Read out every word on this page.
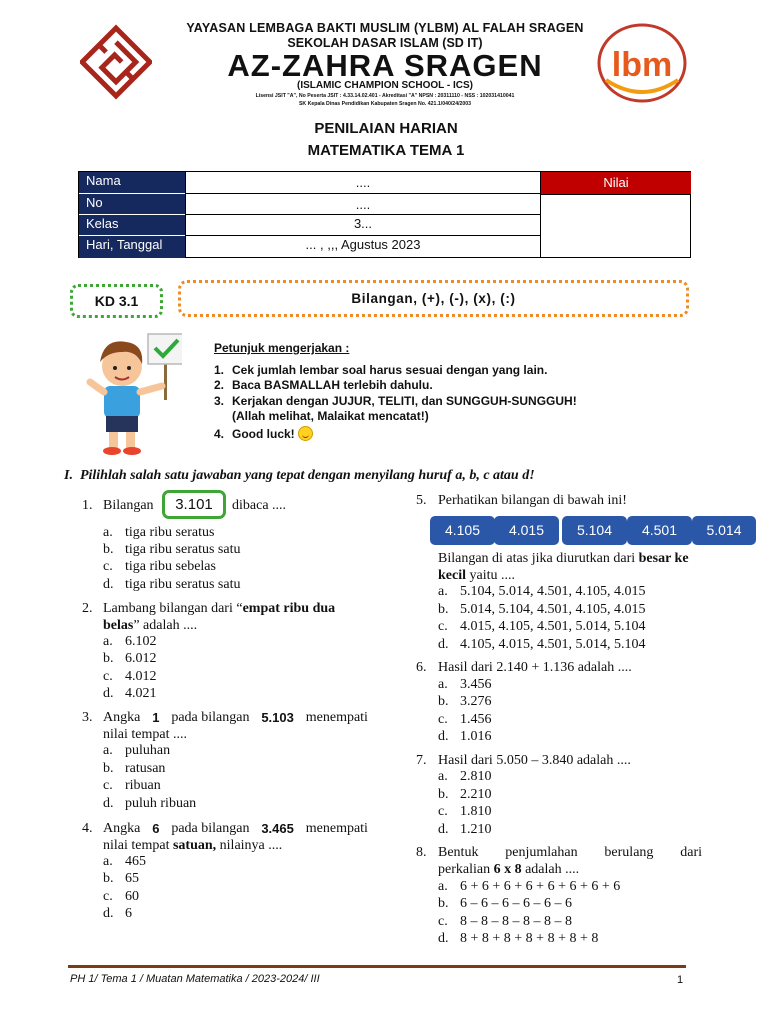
YAYASAN LEMBAGA BAKTI MUSLIM (YLBM) AL FALAH SRAGEN
SEKOLAH DASAR ISLAM (SD IT)
AZ-ZAHRA SRAGEN
(ISLAMIC CHAMPION SCHOOL - ICS)
Lisensi JSIT "A", No Peserta JSIT : 4.33.14.02.401 - Akreditasi "A" NPSN : 20311110 - NSS : 102031410041
SK Kepala Dinas Pendidikan Kabupaten Sragen No. 421.1/040/24/2003
lbm
PENILAIAN HARIAN
MATEMATIKA TEMA 1
Nama	....
No	....
Kelas	3...
Hari, Tanggal	... , ,,, Agustus 2023
Nilai
KD 3.1	Bilangan, (+), (-), (x), (:)
Petunjuk mengerjakan :
1. Cek jumlah lembar soal harus sesuai dengan yang lain.
2. Baca BASMALLAH terlebih dahulu.
3. Kerjakan dengan JUJUR, TELITI, dan SUNGGUH-SUNGGUH!
(Allah melihat, Malaikat mencatat!)
4. Good luck!
I. Pilihlah salah satu jawaban yang tepat dengan menyilang huruf a, b, c atau d!
1. Bilangan	dibaca ....
3.101
a. tiga ribu seratus
b. tiga ribu seratus satu
c. tiga ribu sebelas
d. tiga ribu seratus satu
2. Lambang bilangan dari “empat ribu dua
belas” adalah ....
a. 6.102
b. 6.012
c. 4.012
d. 4.021
3. Angka 1 pada bilangan 5.103 menempati
nilai tempat ....
a. puluhan
b. ratusan
c. ribuan
d. puluh ribuan
4. Angka 6 pada bilangan 3.465 menempati
nilai tempat satuan, nilainya ....
a. 465
b. 65
c. 60
d. 6
5. Perhatikan bilangan di bawah ini!
4.105	4.015	5.104	4.501	5.014
Bilangan di atas jika diurutkan dari besar ke
kecil yaitu ....
a. 5.104, 5.014, 4.501, 4.105, 4.015
b. 5.014, 5.104, 4.501, 4.105, 4.015
c. 4.015, 4.105, 4.501, 5.014, 5.104
d. 4.105, 4.015, 4.501, 5.014, 5.104
6. Hasil dari 2.140 + 1.136 adalah ....
a. 3.456
b. 3.276
c. 1.456
d. 1.016
7. Hasil dari 5.050 – 3.840 adalah ....
a. 2.810
b. 2.210
c. 1.810
d. 1.210
8. Bentuk penjumlahan berulang dari
perkalian 6 x 8 adalah ....
a. 6 + 6 + 6 + 6 + 6 + 6 + 6 + 6
b. 6 – 6 – 6 – 6 – 6 – 6
c. 8 – 8 – 8 – 8 – 8 – 8
d. 8 + 8 + 8 + 8 + 8 + 8 + 8
PH 1/ Tema 1 / Muatan Matematika / 2023-2024/ III	1
